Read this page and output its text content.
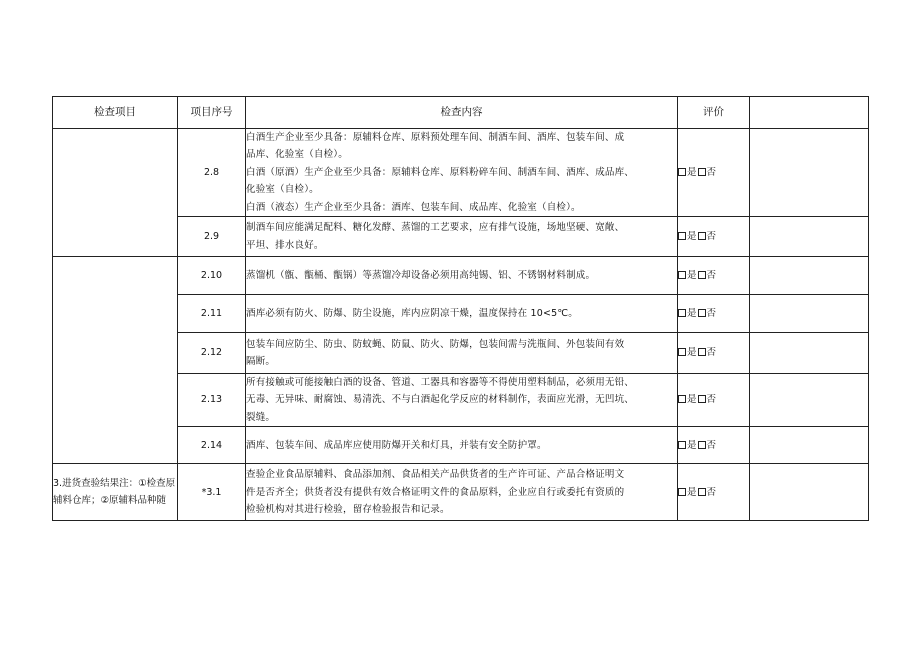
检查项目	项目序号	检查内容	评价	
	2.8	白酒生产企业至少具备：原辅料仓库、原料预处理车间、制酒车间、酒库、包装车间、成
品库、化验室（自检）。
白酒（原酒）生产企业至少具备：原辅料仓库、原料粉碎车间、制酒车间、酒库、成品库、
化验室（自检）。
白酒（液态）生产企业至少具备：酒库、包装车间、成品库、化验室（自检）。	是 否	
	2.9	制酒车间应能满足配料、糖化发酵、蒸馏的工艺要求，应有排气设施，场地坚硬、宽敞、
平坦、排水良好。	是 否	
	2.10	蒸馏机（甑、甑桶、甑锅）等蒸馏冷却设备必须用高纯锡、铝、不锈钢材料制成。	是 否	
	2.11	酒库必须有防火、防爆、防尘设施，库内应阴凉干燥，温度保持在 10<5℃。	是 否	
	2.12	包装车间应防尘、防虫、防蚊蝇、防鼠、防火、防爆，包装间需与洗瓶间、外包装间有效
隔断。	是 否	
	2.13	所有接触或可能接触白酒的设备、管道、工器具和容器等不得使用塑料制品，必须用无铅、
无毒、无异味、耐腐蚀、易清洗、不与白酒起化学反应的材料制作，表面应光滑，无凹坑、
裂缝。	是 否	
	2.14	酒库、包装车间、成品库应使用防爆开关和灯具，并装有安全防护罩。	是 否	
3.进货查验结果注：①检查原辅料仓库；②原辅料品种随	*3.1	查验企业食品原辅料、食品添加剂、食品相关产品供货者的生产许可证、产品合格证明文
件是否齐全；供货者没有提供有效合格证明文件的食品原料，企业应自行或委托有资质的
检验机构对其进行检验，留存检验报告和记录。	是 否	
